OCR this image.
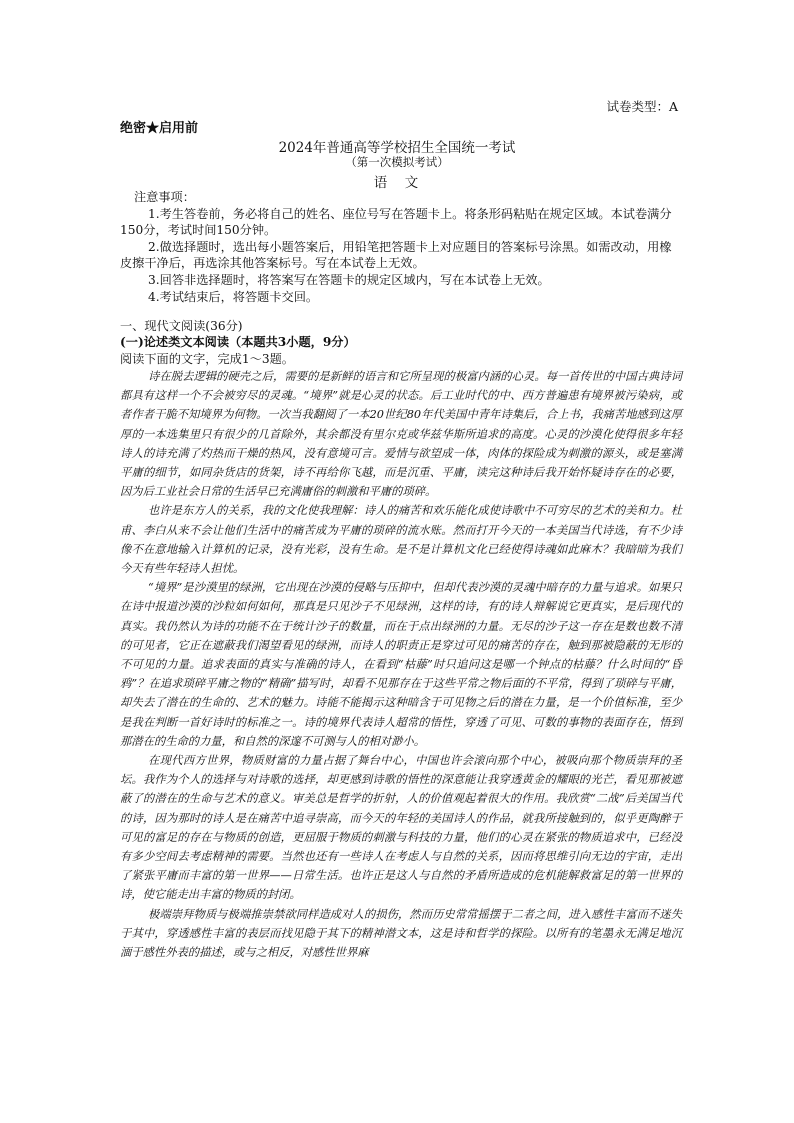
试卷类型：A
绝密★启用前
2024年普通高等学校招生全国统一考试
（第一次模拟考试）
语　文

注意事项：

1.考生答卷前，务必将自己的姓名、座位号写在答题卡上。将条形码粘贴在规定区域。本试卷满分150分，考试时间150分钟。

2.做选择题时，选出每小题答案后，用铅笔把答题卡上对应题目的答案标号涂黑。如需改动，用橡皮擦干净后，再选涂其他答案标号。写在本试卷上无效。

3.回答非选择题时，将答案写在答题卡的规定区域内，写在本试卷上无效。

4.考试结束后，将答题卡交回。

一、现代文阅读(36分)
(一)论述类文本阅读（本题共3小题，9分）
阅读下面的文字，完成1～3题。

诗在脱去逻辑的硬壳之后，需要的是新鲜的语言和它所呈现的极富内涵的心灵。每一首传世的中国古典诗词都具有这样一个不会被穷尽的灵魂。“境界”就是心灵的状态。后工业时代的中、西方普遍患有境界被污染病，或者作者干脆不知境界为何物。一次当我翻阅了一本20世纪80年代美国中青年诗集后，合上书，我痛苦地感到这厚厚的一本选集里只有很少的几首除外，其余都没有里尔克或华兹华斯所追求的高度。心灵的沙漠化使得很多年轻诗人的诗充满了灼热而干燥的热风，没有意境可言。爱情与欲望成一体，肉体的探险成为刺激的源头，或是塞满平庸的细节，如同杂货店的货架，诗不再给你飞越，而是沉重、平庸，读完这种诗后我开始怀疑诗存在的必要，因为后工业社会日常的生活早已充满庸俗的刺激和平庸的琐碎。

也许是东方人的关系，我的文化使我理解：诗人的痛苦和欢乐能化成使诗歌中不可穷尽的艺术的美和力。杜甫、李白从来不会让他们生活中的痛苦成为平庸的琐碎的流水账。然而打开今天的一本美国当代诗选，有不少诗像不在意地输入计算机的记录，没有光彩，没有生命。是不是计算机文化已经使得诗魂如此麻木？我暗暗为我们今天有些年轻诗人担忧。

“境界”是沙漠里的绿洲，它出现在沙漠的侵略与压抑中，但却代表沙漠的灵魂中暗存的力量与追求。如果只在诗中报道沙漠的沙粒如何如何，那真是只见沙子不见绿洲，这样的诗，有的诗人辩解说它更真实，是后现代的真实。我仍然认为诗的功能不在于统计沙子的数量，而在于点出绿洲的力量。无尽的沙子这一存在是数也数不清的可见者，它正在遮蔽我们渴望看见的绿洲，而诗人的职责正是穿过可见的痛苦的存在，触到那被隐蔽的无形的不可见的力量。追求表面的真实与准确的诗人，在看到“枯藤”时只追问这是哪一个钟点的枯藤？什么时间的“昏鸦”？在追求琐碎平庸之物的“精确”描写时，却看不见那存在于这些平常之物后面的不平常，得到了琐碎与平庸，却失去了潜在的生命的、艺术的魅力。诗能不能揭示这种暗含于可见物之后的潜在力量，是一个价值标准，至少是我在判断一首好诗时的标准之一。诗的境界代表诗人超常的悟性，穿透了可见、可数的事物的表面存在，悟到那潜在的生命的力量，和自然的深邃不可测与人的相对渺小。

在现代西方世界，物质财富的力量占据了舞台中心，中国也许会滚向那个中心，被吸向那个物质崇拜的圣坛。我作为个人的选择与对诗歌的选择，却更感到诗歌的悟性的深意能让我穿透黄金的耀眼的光芒，看见那被遮蔽了的潜在的生命与艺术的意义。审美总是哲学的折射，人的价值观起着很大的作用。我欣赏“二战”后美国当代的诗，因为那时的诗人是在痛苦中追寻崇高，而今天的年轻的美国诗人的作品，就我所接触到的，似乎更陶醉于可见的富足的存在与物质的创造，更屈服于物质的刺激与科技的力量，他们的心灵在紧张的物质追求中，已经没有多少空间去考虑精神的需要。当然也还有一些诗人在考虑人与自然的关系，因而将思维引向无边的宇宙，走出了紧张平庸而丰富的第一世界——日常生活。也许正是这人与自然的矛盾所造成的危机能解救富足的第一世界的诗，使它能走出丰富的物质的封闭。

极端崇拜物质与极端推崇禁欲同样造成对人的损伤，然而历史常常摇摆于二者之间，进入感性丰富而不迷失于其中，穿透感性丰富的表层而找见隐于其下的精神潜文本，这是诗和哲学的探险。以所有的笔墨永无满足地沉湎于感性外表的描述，或与之相反，对感性世界麻
